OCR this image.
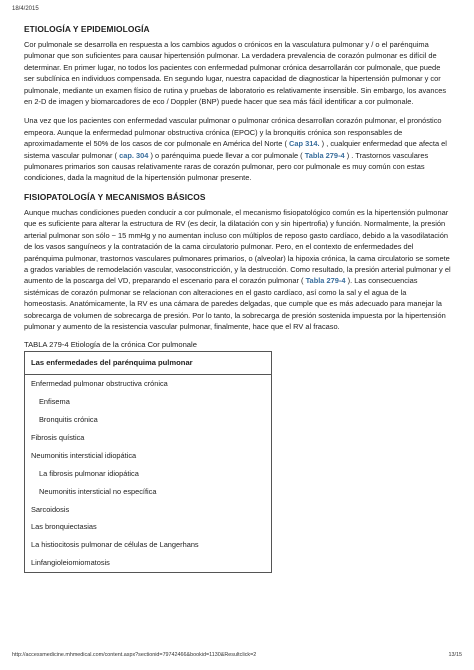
18/4/2015
ETIOLOGÍA Y EPIDEMIOLOGÍA

Cor pulmonale se desarrolla en respuesta a los cambios agudos o crónicos en la vasculatura pulmonar y / o el parénquima pulmonar que son suficientes para causar hipertensión pulmonar. La verdadera prevalencia de corazón pulmonar es difícil de determinar. En primer lugar, no todos los pacientes con enfermedad pulmonar crónica desarrollarán cor pulmonale, que puede ser subclínica en individuos compensada. En segundo lugar, nuestra capacidad de diagnosticar la hipertensión pulmonar y cor pulmonale, mediante un examen físico de rutina y pruebas de laboratorio es relativamente insensible. Sin embargo, los avances en 2-D de imagen y biomarcadores de eco / Doppler (BNP) puede hacer que sea más fácil identificar a cor pulmonale.

Una vez que los pacientes con enfermedad vascular pulmonar o pulmonar crónica desarrollan corazón pulmonar, el pronóstico empeora. Aunque la enfermedad pulmonar obstructiva crónica (EPOC) y la bronquitis crónica son responsables de aproximadamente el 50% de los casos de cor pulmonale en América del Norte ( Cap 314. ) , cualquier enfermedad que afecta el sistema vascular pulmonar ( cap. 304 ) o parénquima puede llevar a cor pulmonale ( Tabla 279-4 ) . Trastornos vasculares pulmonares primarios son causas relativamente raras de corazón pulmonar, pero cor pulmonale es muy común con estas condiciones, dada la magnitud de la hipertensión pulmonar presente.

FISIOPATOLOGÍA Y MECANISMOS BÁSICOS

Aunque muchas condiciones pueden conducir a cor pulmonale, el mecanismo fisiopatológico común es la hipertensión pulmonar que es suficiente para alterar la estructura de RV (es decir, la dilatación con y sin hipertrofia) y función. Normalmente, la presión arterial pulmonar son sólo ~ 15 mmHg y no aumentan incluso con múltiplos de reposo gasto cardíaco, debido a la vasodilatación de los vasos sanguíneos y la contratación de la cama circulatorio pulmonar. Pero, en el contexto de enfermedades del parénquima pulmonar, trastornos vasculares pulmonares primarios, o (alveolar) la hipoxia crónica, la cama circulatorio se somete a grados variables de remodelación vascular, vasoconstricción, y la destrucción. Como resultado, la presión arterial pulmonar y el aumento de la poscarga del VD, preparando el escenario para el corazón pulmonar ( Tabla 279-4 ). Las consecuencias sistémicas de corazón pulmonar se relacionan con alteraciones en el gasto cardíaco, así como la sal y el agua de la homeostasis. Anatómicamente, la RV es una cámara de paredes delgadas, que cumple que es más adecuado para manejar la sobrecarga de volumen de sobrecarga de presión. Por lo tanto, la sobrecarga de presión sostenida impuesta por la hipertensión pulmonar y aumento de la resistencia vascular pulmonar, finalmente, hace que el RV al fracaso.

TABLA 279-4 Etiología de la crónica Cor pulmonale
Las enfermedades del parénquima pulmonar
Enfermedad pulmonar obstructiva crónica
Enfisema
Bronquitis crónica
Fibrosis quística
Neumonitis intersticial idiopática
La fibrosis pulmonar idiopática
Neumonitis intersticial no específica
Sarcoidosis
Las bronquiectasias
La histiocitosis pulmonar de células de Langerhans
Linfangioleiomiomatosis
http://accessmedicine.mhmedical.com/content.aspx?sectionid=79742466&bookid=1130&Resultclick=2	13/15
